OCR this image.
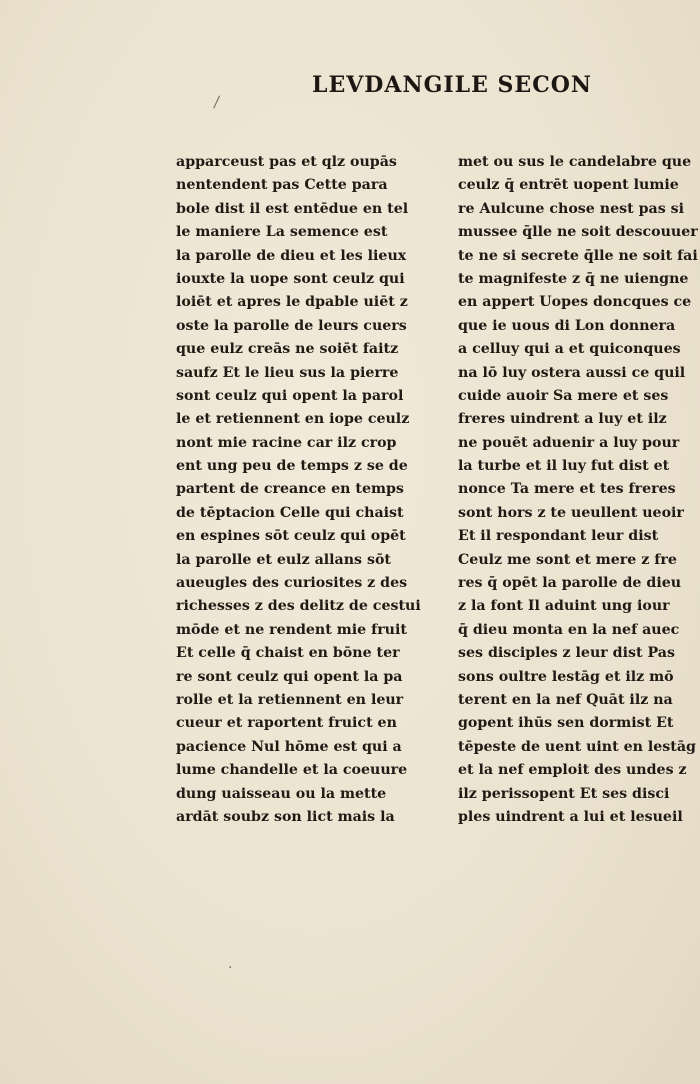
LEVDANGILE SECON
/
·
apparceust pas et qlz oupās
nentendent pas Cette para
bole dist il est entēdue en tel
le maniere La semence est
la parolle de dieu et les lieux
iouxte la uope sont ceulz qui
loiēt et apres le dpable uiēt z
oste la parolle de leurs cuers
que eulz creās ne soiēt faitz
saufz Et le lieu sus la pierre
sont ceulz qui opent la parol
le et retiennent en iope ceulz
nont mie racine car ilz crop
ent ung peu de temps z se de
partent de creance en temps
de tēptacion Celle qui chaist
en espines sōt ceulz qui opēt
la parolle et eulz allans sōt
aueugles des curiosites z des
richesses z des delitz de cestui
mōde et ne rendent mie fruit
Et celle q̄ chaist en bōne ter
re sont ceulz qui opent la pa
rolle et la retiennent en leur
cueur et raportent fruict en
pacience Nul hōme est qui a
lume chandelle et la coeuure
dung uaisseau ou la mette
ardāt soubz son lict mais la
met ou sus le candelabre que
ceulz q̄ entrēt uopent lumie
re Aulcune chose nest pas si
mussee q̄lle ne soit descouuer
te ne si secrete q̄lle ne soit fai
te magnifeste z q̄ ne uiengne
en appert Uopes doncques ce
que ie uous di Lon donnera
a celluy qui a et quiconques
na lō luy ostera aussi ce quil
cuide auoir Sa mere et ses
freres uindrent a luy et ilz
ne pouēt aduenir a luy pour
la turbe et il luy fut dist et
nonce Ta mere et tes freres
sont hors z te ueullent ueoir
Et il respondant leur dist
Ceulz me sont et mere z fre
res q̄ opēt la parolle de dieu
z la font Il aduint ung iour
q̄ dieu monta en la nef auec
ses disciples z leur dist Pas
sons oultre lestāg et ilz mō
terent en la nef Quāt ilz na
gopent ihūs sen dormist Et
tēpeste de uent uint en lestāg
et la nef emploit des undes z
ilz perissopent Et ses disci
ples uindrent a lui et lesueil
